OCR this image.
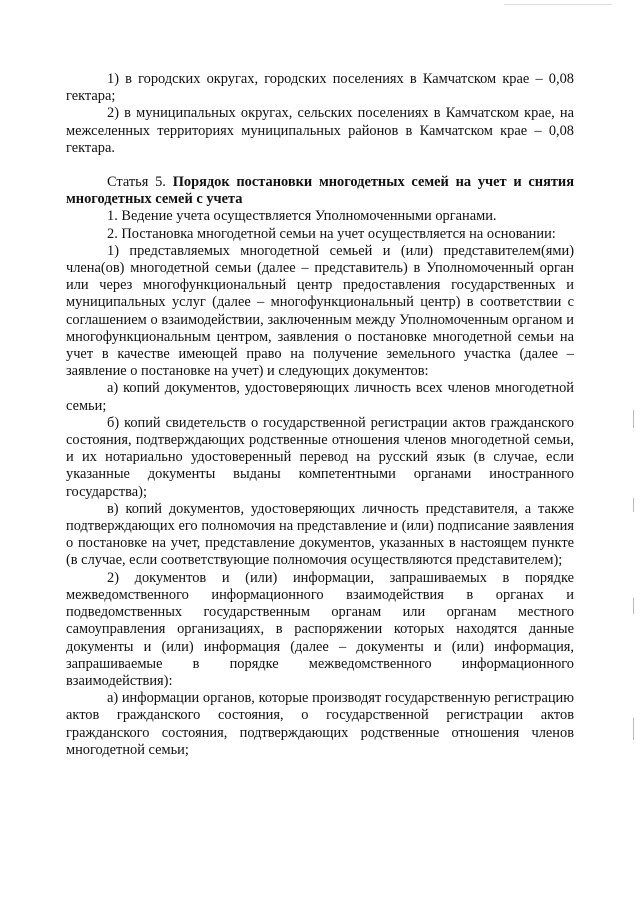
1) в городских округах, городских поселениях в Камчатском крае – 0,08 гектара;

2) в муниципальных округах, сельских поселениях в Камчатском крае, на межселенных территориях муниципальных районов в Камчатском крае – 0,08 гектара.

Статья 5. Порядок постановки многодетных семей на учет и снятия многодетных семей с учета

1. Ведение учета осуществляется Уполномоченными органами.

2. Постановка многодетной семьи на учет осуществляется на основании:

1) представляемых многодетной семьей и (или) представителем(ями) члена(ов) многодетной семьи (далее – представитель) в Уполномоченный орган или через многофункциональный центр предоставления государственных и муниципальных услуг (далее – многофункциональный центр) в соответствии с соглашением о взаимодействии, заключенным между Уполномоченным органом и многофункциональным центром, заявления о постановке многодетной семьи на учет в качестве имеющей право на получение земельного участка (далее – заявление о постановке на учет) и следующих документов:

а) копий документов, удостоверяющих личность всех членов многодетной семьи;

б) копий свидетельств о государственной регистрации актов гражданского состояния, подтверждающих родственные отношения членов многодетной семьи, и их нотариально удостоверенный перевод на русский язык (в случае, если указанные документы выданы компетентными органами иностранного государства);

в) копий документов, удостоверяющих личность представителя, а также подтверждающих его полномочия на представление и (или) подписание заявления о постановке на учет, представление документов, указанных в настоящем пункте (в случае, если соответствующие полномочия осуществляются представителем);

2) документов и (или) информации, запрашиваемых в порядке межведомственного информационного взаимодействия в органах и подведомственных государственным органам или органам местного самоуправления организациях, в распоряжении которых находятся данные документы и (или) информация (далее – документы и (или) информация, запрашиваемые в порядке межведомственного информационного взаимодействия):

а) информации органов, которые производят государственную регистрацию актов гражданского состояния, о государственной регистрации актов гражданского состояния, подтверждающих родственные отношения членов многодетной семьи;
